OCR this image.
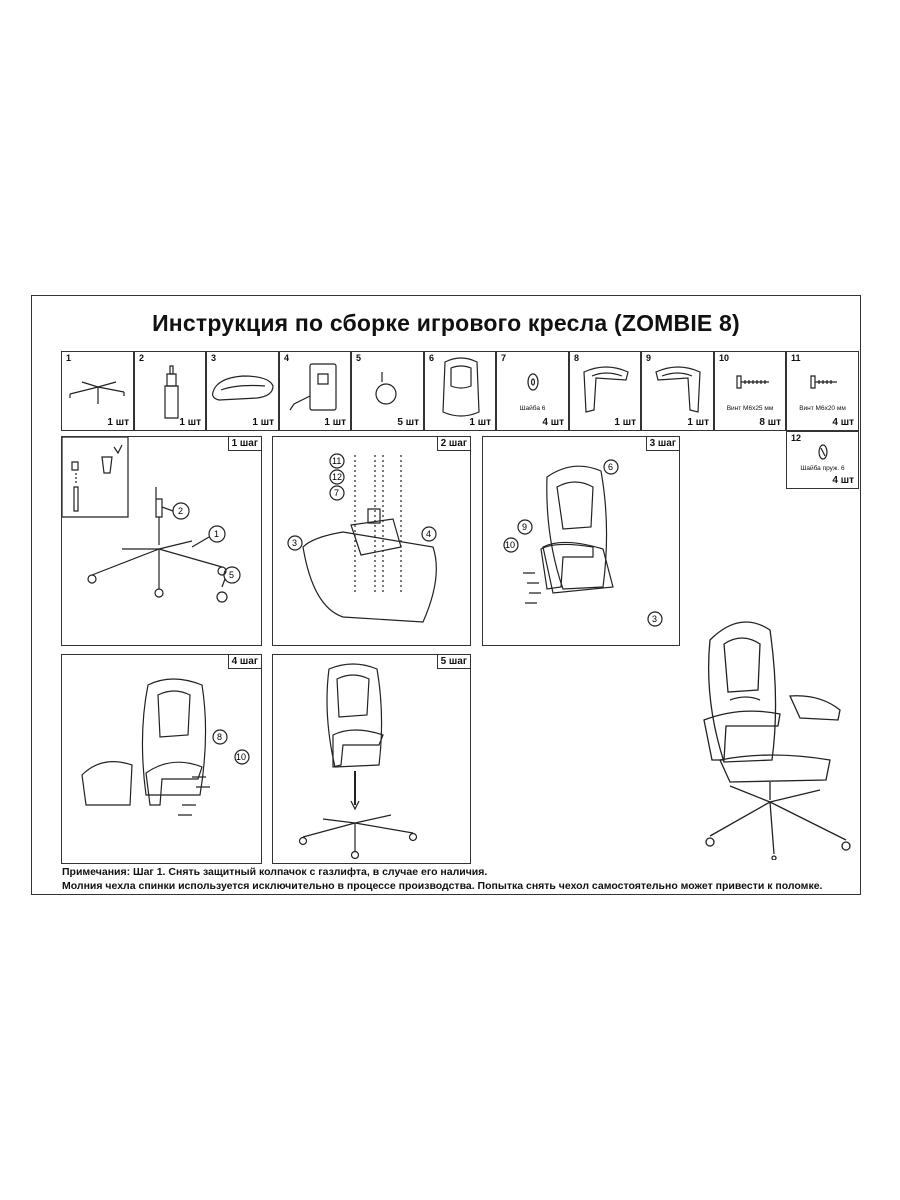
Инструкция по сборке игрового кресла (ZOMBIE 8)
1
1 шт
2
1 шт
3
1 шт
4
1 шт
5
5 шт
6
1 шт
7
Шайба 6
4 шт
8
1 шт
9
1 шт
10
Винт М6х25 мм
8 шт
11
Винт М6х20 мм
4 шт
12
Шайба пруж. 6
4 шт
1 шаг
2
1
5
2 шаг
11
12
7
3
4
3 шаг
6
9
10
3
4 шаг
8
10
5 шаг
Примечания: Шаг 1. Снять защитный колпачок с газлифта, в случае его наличия.
Молния чехла спинки используется исключительно в процессе производства. Попытка снять чехол самостоятельно может привести к поломке.
